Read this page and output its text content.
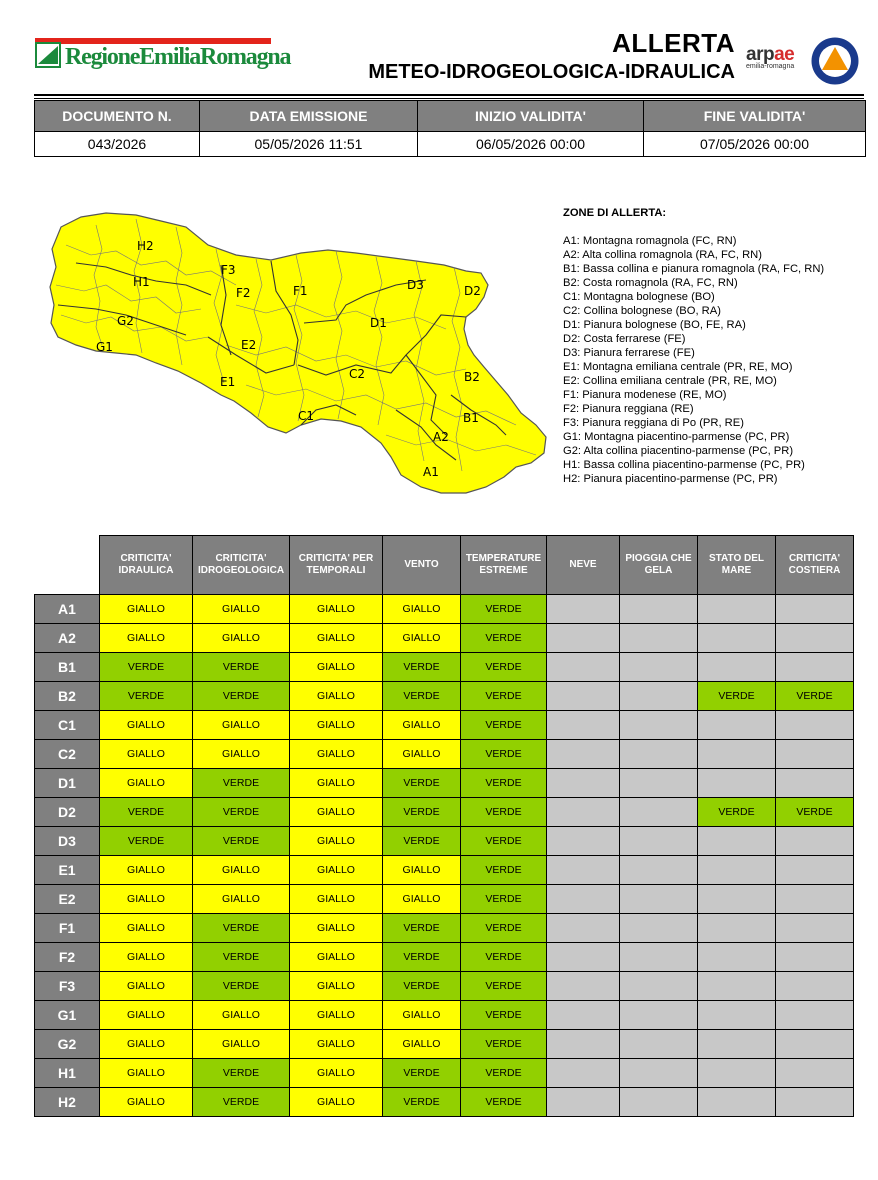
RegioneEmiliaRomagna	ALLERTA
METEO-IDROGEOLOGICA-IDRAULICA
arpae
emilia-romagna
DOCUMENTO N.	DATA EMISSIONE	INIZIO VALIDITA'	FINE VALIDITA'
043/2026	05/05/2026 11:51	06/05/2026 00:00	07/05/2026 00:00
H2
F3
H1
F2	F1	D3	D2
G2	D1
G1	E2
B2
C2
E1
B1
C1
A2
A1
ZONE DI ALLERTA:
A1: Montagna romagnola (FC, RN)
A2: Alta collina romagnola (RA, FC, RN)
B1: Bassa collina e pianura romagnola (RA, FC, RN)
B2: Costa romagnola (RA, FC, RN)
C1: Montagna bolognese (BO)
C2: Collina bolognese (BO, RA)
D1: Pianura bolognese (BO, FE, RA)
D2: Costa ferrarese (FE)
D3: Pianura ferrarese (FE)
E1: Montagna emiliana centrale (PR, RE, MO)
E2: Collina emiliana centrale (PR, RE, MO)
F1: Pianura modenese (RE, MO)
F2: Pianura reggiana (RE)
F3: Pianura reggiana di Po (PR, RE)
G1: Montagna piacentino-parmense (PC, PR)
G2: Alta collina piacentino-parmense (PC, PR)
H1: Bassa collina piacentino-parmense (PC, PR)
H2: Pianura piacentino-parmense (PC, PR)
	CRITICITA' IDRAULICA	CRITICITA' IDROGEOLOGICA	CRITICITA' PER TEMPORALI	VENTO	TEMPERATURE ESTREME	NEVE	PIOGGIA CHE GELA	STATO DEL MARE	CRITICITA' COSTIERA
A1	GIALLO	GIALLO	GIALLO	GIALLO	VERDE				
A2	GIALLO	GIALLO	GIALLO	GIALLO	VERDE				
B1	VERDE	VERDE	GIALLO	VERDE	VERDE				
B2	VERDE	VERDE	GIALLO	VERDE	VERDE			VERDE	VERDE
C1	GIALLO	GIALLO	GIALLO	GIALLO	VERDE				
C2	GIALLO	GIALLO	GIALLO	GIALLO	VERDE				
D1	GIALLO	VERDE	GIALLO	VERDE	VERDE				
D2	VERDE	VERDE	GIALLO	VERDE	VERDE			VERDE	VERDE
D3	VERDE	VERDE	GIALLO	VERDE	VERDE				
E1	GIALLO	GIALLO	GIALLO	GIALLO	VERDE				
E2	GIALLO	GIALLO	GIALLO	GIALLO	VERDE				
F1	GIALLO	VERDE	GIALLO	VERDE	VERDE				
F2	GIALLO	VERDE	GIALLO	VERDE	VERDE				
F3	GIALLO	VERDE	GIALLO	VERDE	VERDE				
G1	GIALLO	GIALLO	GIALLO	GIALLO	VERDE				
G2	GIALLO	GIALLO	GIALLO	GIALLO	VERDE				
H1	GIALLO	VERDE	GIALLO	VERDE	VERDE				
H2	GIALLO	VERDE	GIALLO	VERDE	VERDE				
